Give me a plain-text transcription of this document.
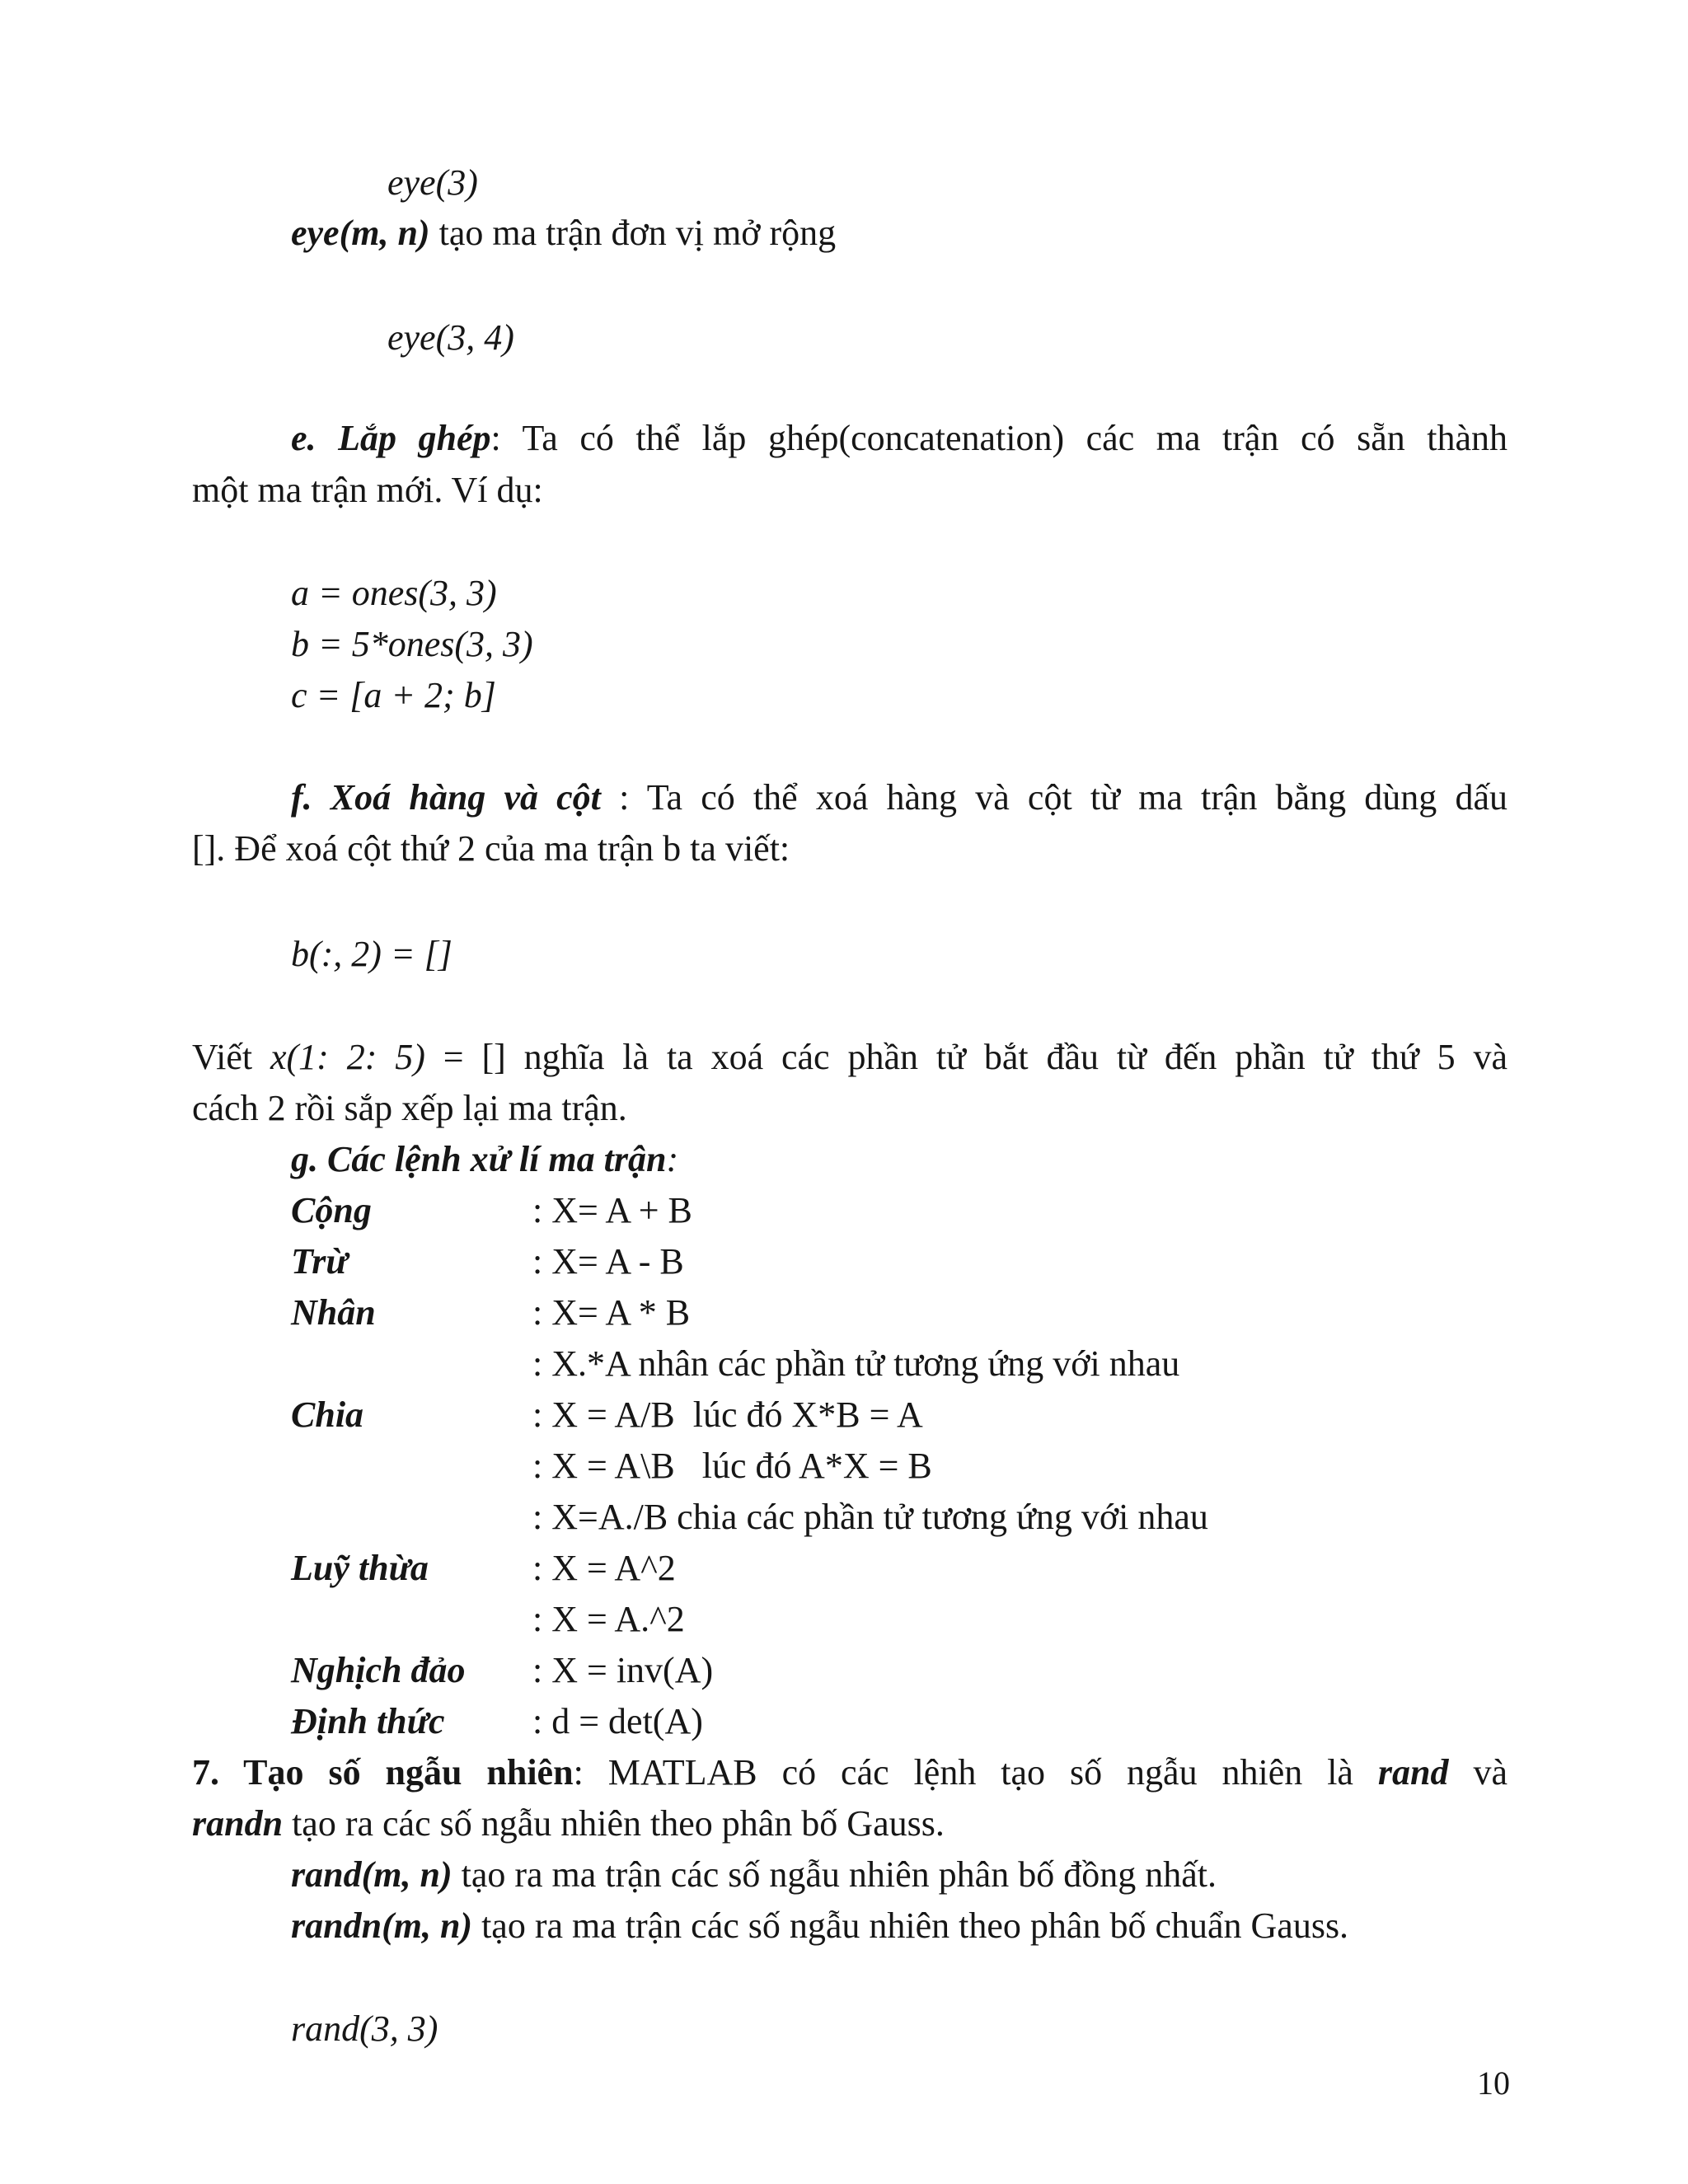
eye(3)
eye(m, n) tạo ma trận đơn vị mở rộng
eye(3, 4)
e. Lắp ghép: Ta có thể lắp ghép(concatenation) các ma trận có sẵn thành
một ma trận mới. Ví dụ:
a = ones(3, 3)
b = 5*ones(3, 3)
c = [a + 2; b]
f. Xoá hàng và cột : Ta có thể xoá hàng và cột từ ma trận bằng dùng dấu
[]. Để xoá cột thứ 2 của ma trận b ta viết:
b(:, 2) = []
Viết x(1: 2: 5) = [] nghĩa là ta xoá các phần tử bắt đầu từ đến phần tử thứ 5 và
cách 2 rồi sắp xếp lại ma trận.
g. Các lệnh xử lí ma trận:
Cộng	: X= A + B
Trừ	: X= A - B
Nhân	: X= A * B
: X.*A nhân các phần tử tương ứng với nhau
Chia	: X = A/B  lúc đó X*B = A
: X = A\B   lúc đó A*X = B
: X=A./B chia các phần tử tương ứng với nhau
Luỹ thừa	: X = A^2
: X = A.^2
Nghịch đảo : X = inv(A)
Định thức : d = det(A)
7. Tạo số ngẫu nhiên: MATLAB có các lệnh tạo số ngẫu nhiên là rand và
randn tạo ra các số ngẫu nhiên theo phân bố Gauss.
rand(m, n) tạo ra ma trận các số ngẫu nhiên phân bố đồng nhất.
randn(m, n) tạo ra ma trận các số ngẫu nhiên theo phân bố chuẩn Gauss.
rand(3, 3)
10
